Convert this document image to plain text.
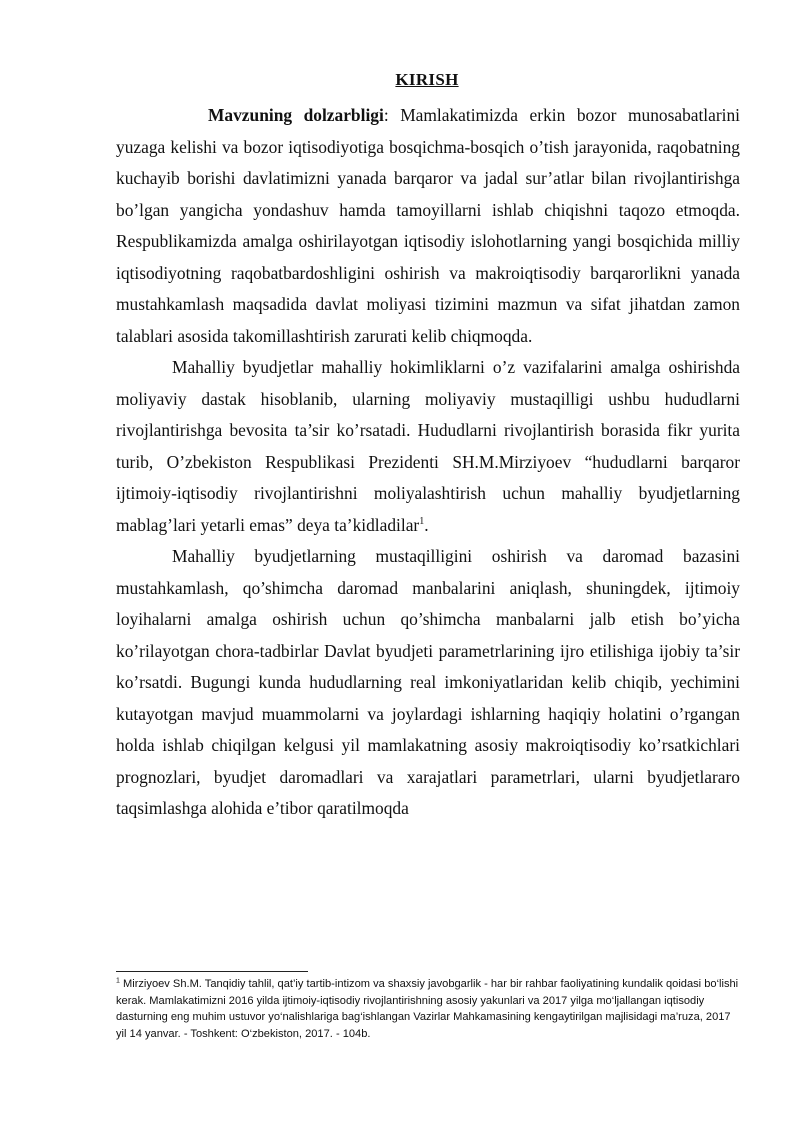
KIRISH

Mavzuning dolzarbligi: Mamlakatimizda erkin bozor munosabatlarini yuzaga kelishi va bozor iqtisodiyotiga bosqichma-bosqich o’tish jarayonida, raqobatning kuchayib borishi davlatimizni yanada barqaror va jadal sur’atlar bilan rivojlantirishga bo’lgan yangicha yondashuv hamda tamoyillarni ishlab chiqishni taqozo etmoqda. Respublikamizda amalga oshirilayotgan iqtisodiy islohotlarning yangi bosqichida milliy iqtisodiyotning raqobatbardoshligini oshirish va makroiqtisodiy barqarorlikni yanada mustahkamlash maqsadida davlat moliyasi tizimini mazmun va sifat jihatdan zamon talablari asosida takomillashtirish zarurati kelib chiqmoqda.

Mahalliy byudjetlar mahalliy hokimliklarni o’z vazifalarini amalga oshirishda moliyaviy dastak hisoblanib, ularning moliyaviy mustaqilligi ushbu hududlarni rivojlantirishga bevosita ta’sir ko’rsatadi. Hududlarni rivojlantirish borasida fikr yurita turib, O’zbekiston Respublikasi Prezidenti SH.M.Mirziyoev “hududlarni barqaror ijtimoiy-iqtisodiy rivojlantirishni moliyalashtirish uchun mahalliy byudjetlarning mablag’lari yetarli emas” deya ta’kidladilar$^1$.

Mahalliy byudjetlarning mustaqilligini oshirish va daromad bazasini mustahkamlash, qo’shimcha daromad manbalarini aniqlash, shuningdek, ijtimoiy loyihalarni amalga oshirish uchun qo’shimcha manbalarni jalb etish bo’yicha ko’rilayotgan chora-tadbirlar Davlat byudjeti parametrlarining ijro etilishiga ijobiy ta’sir ko’rsatdi. Bugungi kunda hududlarning real imkoniyatlaridan kelib chiqib, yechimini kutayotgan mavjud muammolarni va joylardagi ishlarning haqiqiy holatini o’rgangan holda ishlab chiqilgan kelgusi yil mamlakatning asosiy makroiqtisodiy ko’rsatkichlari prognozlari, byudjet daromadlari va xarajatlari parametrlari, ularni byudjetlararo taqsimlashga alohida e’tibor qaratilmoqda

$^1$ Mirziyoev Sh.M. Tanqidiy tahlil, qat’iy tartib-intizom va shaxsiy javobgarlik - har bir rahbar faoliyatining kundalik qoidasi bo‘lishi kerak. Mamlakatimizni 2016 yilda ijtimoiy-iqtisodiy rivojlantirishning asosiy yakunlari va 2017 yilga mo‘ljallangan iqtisodiy dasturning eng muhim ustuvor yo‘nalishlariga bag‘ishlangan Vazirlar Mahkamasining kengaytirilgan majlisidagi ma’ruza, 2017 yil 14 yanvar. - Toshkent: O‘zbekiston, 2017. - 104b.
